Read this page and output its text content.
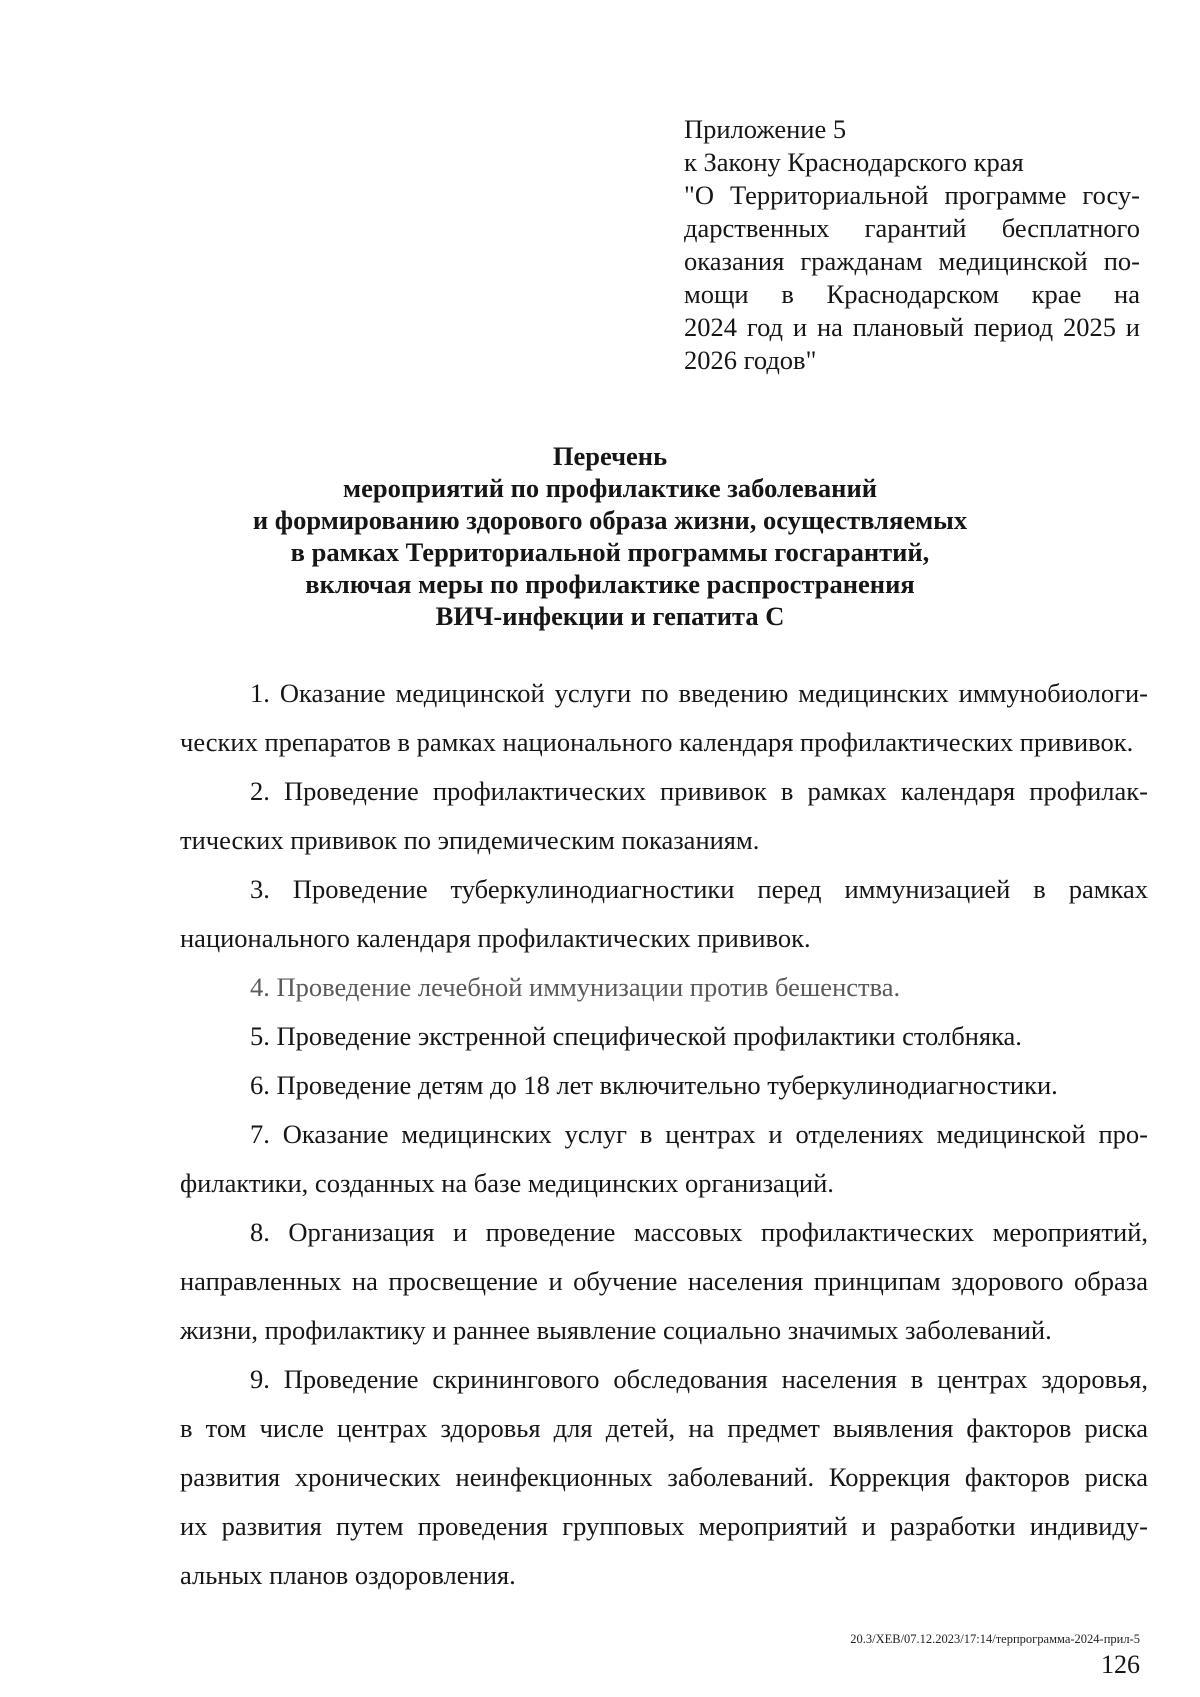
Приложение 5
к Закону Краснодарского края
"О Территориальной программе госу-
дарственных гарантий бесплатного
оказания гражданам медицинской по-
мощи в Краснодарском крае на
2024 год и на плановый период 2025 и
2026 годов"
Перечень
мероприятий по профилактике заболеваний
и формированию здорового образа жизни, осуществляемых
в рамках Территориальной программы госгарантий,
включая меры по профилактике распространения
ВИЧ-инфекции и гепатита С

1. Оказание медицинской услуги по введению медицинских иммунобиологи-
ческих препаратов в рамках национального календаря профилактических прививок.

2. Проведение профилактических прививок в рамках календаря профилак-
тических прививок по эпидемическим показаниям.

3. Проведение туберкулинодиагностики перед иммунизацией в рамках
национального календаря профилактических прививок.

4. Проведение лечебной иммунизации против бешенства.

5. Проведение экстренной специфической профилактики столбняка.

6. Проведение детям до 18 лет включительно туберкулинодиагностики.

7. Оказание медицинских услуг в центрах и отделениях медицинской про-
филактики, созданных на базе медицинских организаций.

8. Организация и проведение массовых профилактических мероприятий,
направленных на просвещение и обучение населения принципам здорового образа
жизни, профилактику и раннее выявление социально значимых заболеваний.

9. Проведение скринингового обследования населения в центрах здоровья,
в том числе центрах здоровья для детей, на предмет выявления факторов риска
развития хронических неинфекционных заболеваний. Коррекция факторов риска
их развития путем проведения групповых мероприятий и разработки индивиду-
альных планов оздоровления.

20.3/ХЕВ/07.12.2023/17:14/терпрограмма-2024-прил-5
126
